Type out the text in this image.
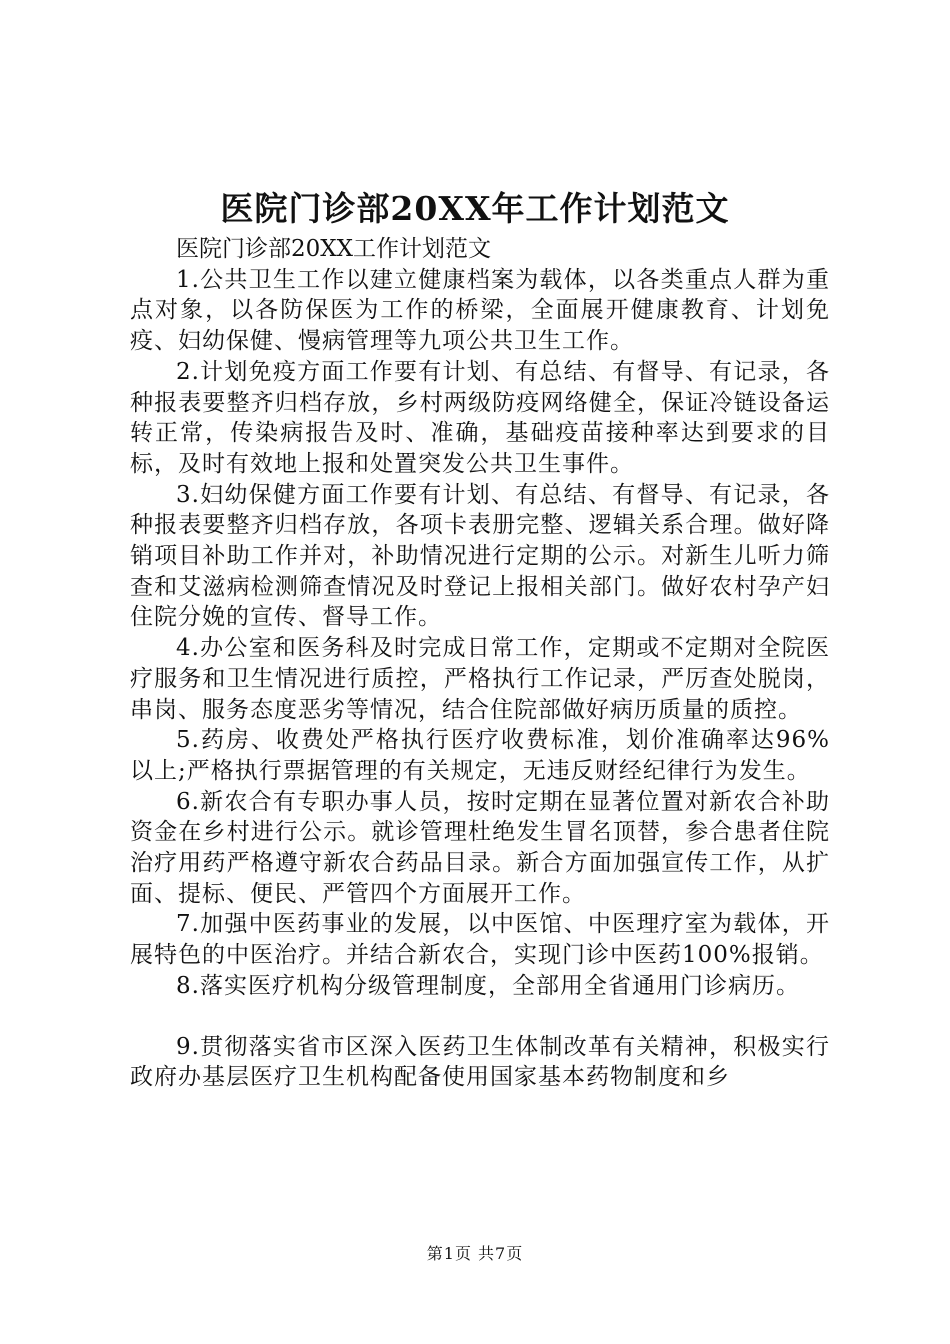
医院门诊部20XX年工作计划范文

医院门诊部20XX工作计划范文

1.公共卫生工作以建立健康档案为载体，以各类重点人群为重点对象，以各防保医为工作的桥梁，全面展开健康教育、计划免疫、妇幼保健、慢病管理等九项公共卫生工作。

2.计划免疫方面工作要有计划、有总结、有督导、有记录，各种报表要整齐归档存放，乡村两级防疫网络健全，保证冷链设备运转正常，传染病报告及时、准确，基础疫苗接种率达到要求的目标，及时有效地上报和处置突发公共卫生事件。

3.妇幼保健方面工作要有计划、有总结、有督导、有记录，各种报表要整齐归档存放，各项卡表册完整、逻辑关系合理。做好降销项目补助工作并对，补助情况进行定期的公示。对新生儿听力筛查和艾滋病检测筛查情况及时登记上报相关部门。做好农村孕产妇住院分娩的宣传、督导工作。

4.办公室和医务科及时完成日常工作，定期或不定期对全院医疗服务和卫生情况进行质控，严格执行工作记录，严厉查处脱岗，串岗、服务态度恶劣等情况，结合住院部做好病历质量的质控。

5.药房、收费处严格执行医疗收费标准，划价准确率达96%以上;严格执行票据管理的有关规定，无违反财经纪律行为发生。

6.新农合有专职办事人员，按时定期在显著位置对新农合补助资金在乡村进行公示。就诊管理杜绝发生冒名顶替，参合患者住院治疗用药严格遵守新农合药品目录。新合方面加强宣传工作，从扩面、提标、便民、严管四个方面展开工作。

7.加强中医药事业的发展，以中医馆、中医理疗室为载体，开展特色的中医治疗。并结合新农合，实现门诊中医药100%报销。

8.落实医疗机构分级管理制度，全部用全省通用门诊病历。

9.贯彻落实省市区深入医药卫生体制改革有关精神，积极实行政府办基层医疗卫生机构配备使用国家基本药物制度和乡

第1页 共7页
